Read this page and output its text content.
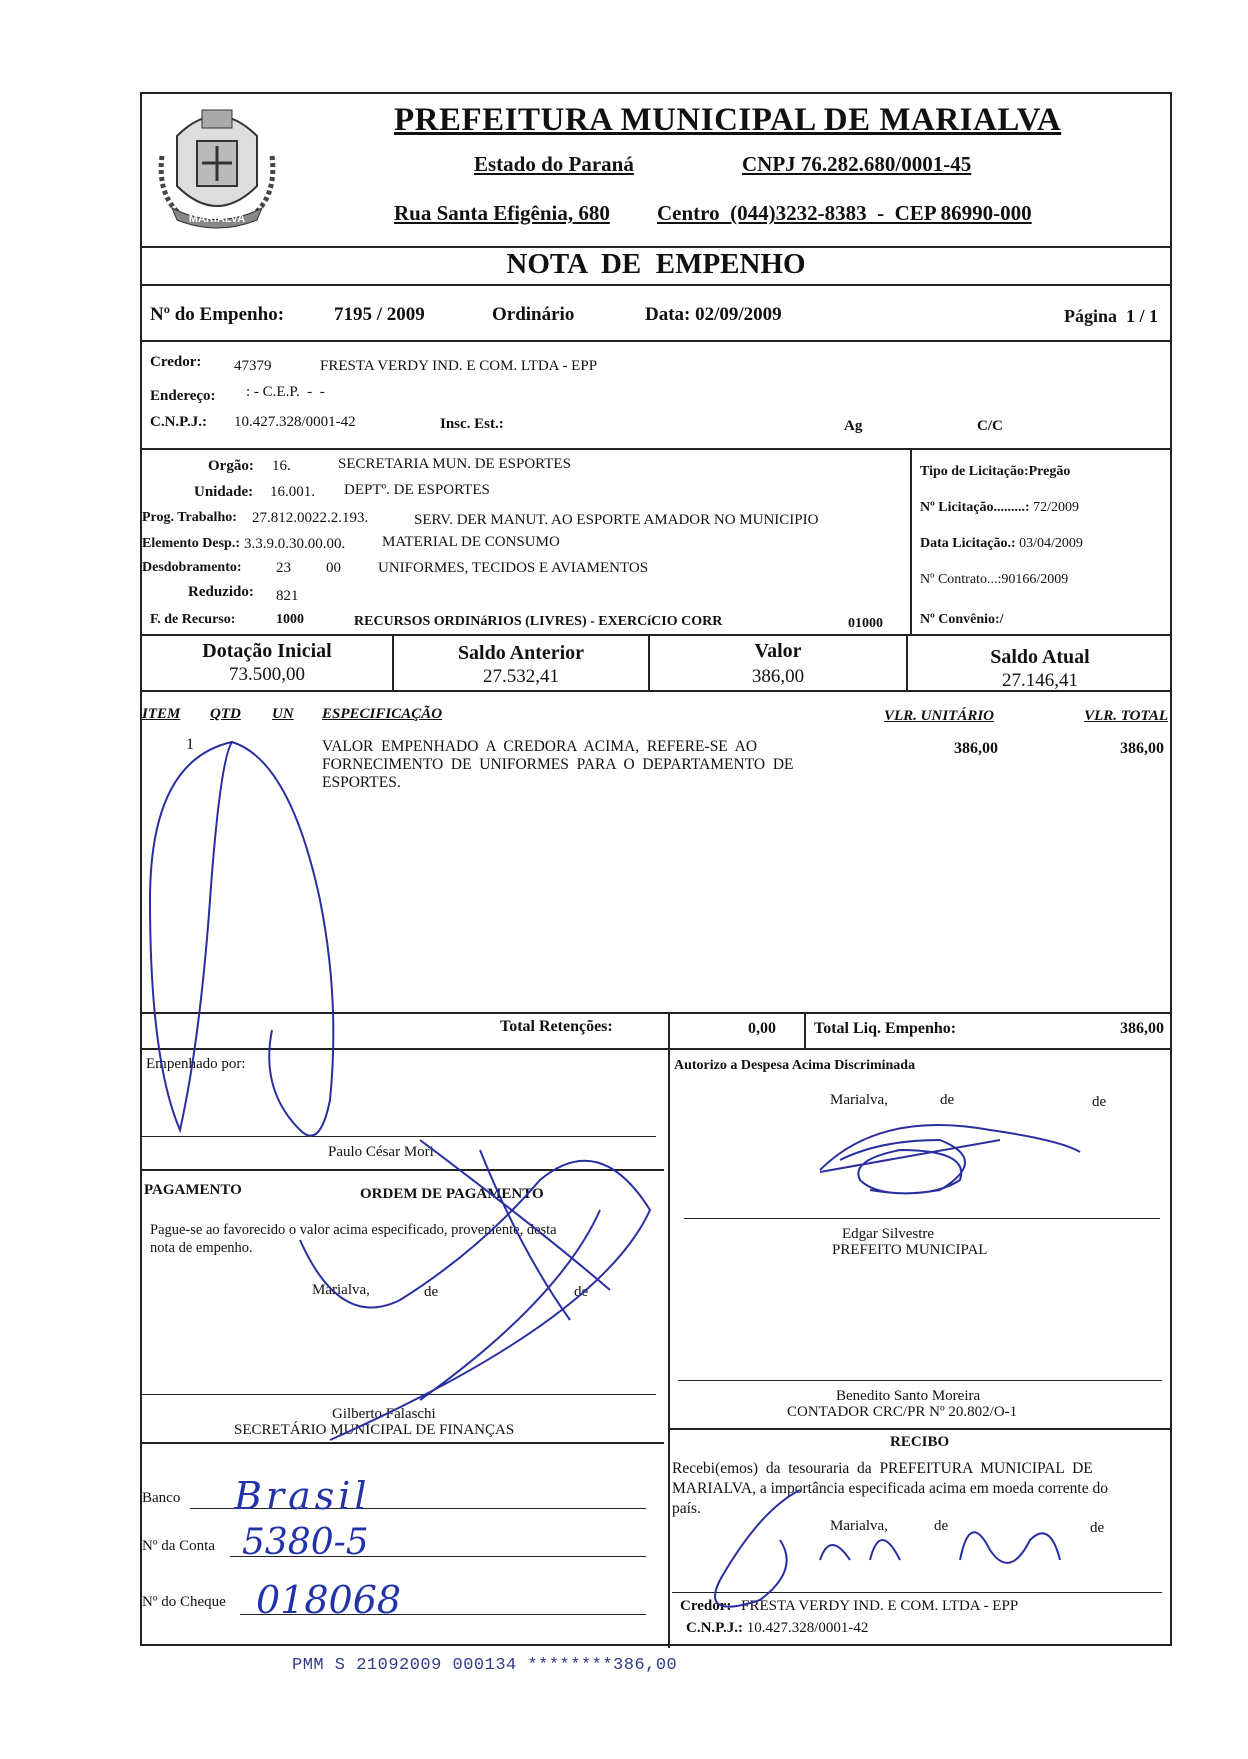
MARIALVA
PREFEITURA MUNICIPAL DE MARIALVA
Estado do Paraná	CNPJ 76.282.680/0001-45
Rua Santa Efigênia, 680 Centro  (044)3232-8383  -  CEP 86990-000
NOTA  DE  EMPENHO
Nº do Empenho:	7195 / 2009	Ordinário	Data: 02/09/2009	Página  1 / 1
Credor: 47379	FRESTA VERDY IND. E COM. LTDA - EPP
Endereço: : - C.E.P.  -  -
C.N.P.J.: 10.427.328/0001-42	Insc. Est.:	Ag	C/C
Orgão: 16.	SECRETARIA MUN. DE ESPORTES
Unidade: 16.001. DEPTº. DE ESPORTES
Prog. Trabalho: 27.812.0022.2.193.	SERV. DER MANUT. AO ESPORTE AMADOR NO MUNICIPIO
Elemento Desp.: 3.3.9.0.30.00.00. MATERIAL DE CONSUMO
Desdobramento: 23 00 UNIFORMES, TECIDOS E AVIAMENTOS
Reduzido: 821
F. de Recurso:	1000	RECURSOS ORDINáRIOS (LIVRES) - EXERCíCIO CORR	01000
Tipo de Licitação:Pregão
Nº Licitação.........: 72/2009
Data Licitação.: 03/04/2009
Nº Contrato...:90166/2009
Nº Convênio:/
Dotação Inicial
73.500,00
Saldo Anterior
27.532,41
Valor
386,00
Saldo Atual
27.146,41
ITEM QTD UN ESPECIFICAÇÃO	VLR. UNITÁRIO	VLR. TOTAL
1	VALOR  EMPENHADO  A  CREDORA  ACIMA,  REFERE-SE  AO
FORNECIMENTO  DE  UNIFORMES  PARA  O  DEPARTAMENTO  DE
ESPORTES.
386,00	386,00
Total Retenções:	0,00 Total Liq. Empenho:	386,00
Empenhado por:
Paulo César Mori
PAGAMENTO	ORDEM DE PAGAMENTO
Pague-se ao favorecido o valor acima especificado, proveniente, desta
nota de empenho.
Marialva,	de	de
Gilberto Falaschi
SECRETÁRIO MUNICIPAL DE FINANÇAS
Banco Brasil
Nº da Conta 5380-5
Nº do Cheque 018068
Autorizo a Despesa Acima Discriminada
Marialva,	de	de
Edgar Silvestre
PREFEITO MUNICIPAL
Benedito Santo Moreira
CONTADOR CRC/PR Nº 20.802/O-1
RECIBO
Recebi(emos)  da  tesouraria  da  PREFEITURA  MUNICIPAL  DE
MARIALVA, a importância especificada acima em moeda corrente do
país.
Marialva,	de	de
Credor: FRESTA VERDY IND. E COM. LTDA - EPP
C.N.P.J.: 10.427.328/0001-42
PMM S 21092009 000134 ********386,00
